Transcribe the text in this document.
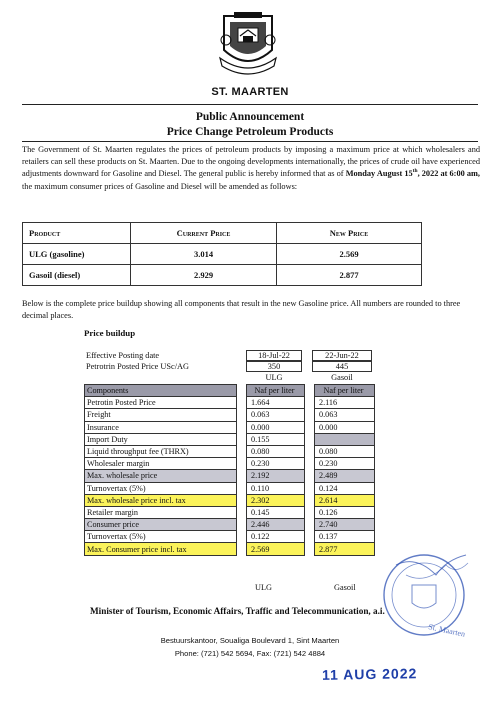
ST. MAARTEN
Public Announcement
Price Change Petroleum Products
The Government of St. Maarten regulates the prices of petroleum products by imposing a maximum price at which wholesalers and retailers can sell these products on St. Maarten. Due to the ongoing developments internationally, the prices of crude oil have experienced adjustments downward for Gasoline and Diesel. The general public is hereby informed that as of Monday August 15th, 2022 at 6:00 am, the maximum consumer prices of Gasoline and Diesel will be amended as follows:
Product	Current Price	New Price
ULG (gasoline)	3.014	2.569
Gasoil (diesel)	2.929	2.877
Below is the complete price buildup showing all components that result in the new Gasoline price. All numbers are rounded to three decimal places.
Price buildup
Effective Posting date	18-Jul-22	22-Jun-22
Petrotrin Posted Price USc/AG	350	445
ULG	Gasoil
Components		Naf per liter		Naf per liter
Petrotin Posted Price		1.664		2.116
Freight		0.063		0.063
Insurance		0.000		0.000
Import Duty		0.155		
Liquid throughput fee (THRX)		0.080		0.080
Wholesaler margin		0.230		0.230
Max. wholesale price		2.192		2.489
Turnovertax (5%)		0.110		0.124
Max. wholesale price incl. tax		2.302		2.614
Retailer margin		0.145		0.126
Consumer price		2.446		2.740
Turnovertax (5%)		0.122		0.137
Max. Consumer price incl. tax		2.569		2.877
ULG	Gasoil
St. Maarten
Minister of Tourism, Economic Affairs, Traffic and Telecommunication, a.i.
Bestuurskantoor, Soualiga Boulevard 1, Sint Maarten
Phone: (721) 542 5694, Fax: (721) 542 4884
11 AUG 2022
